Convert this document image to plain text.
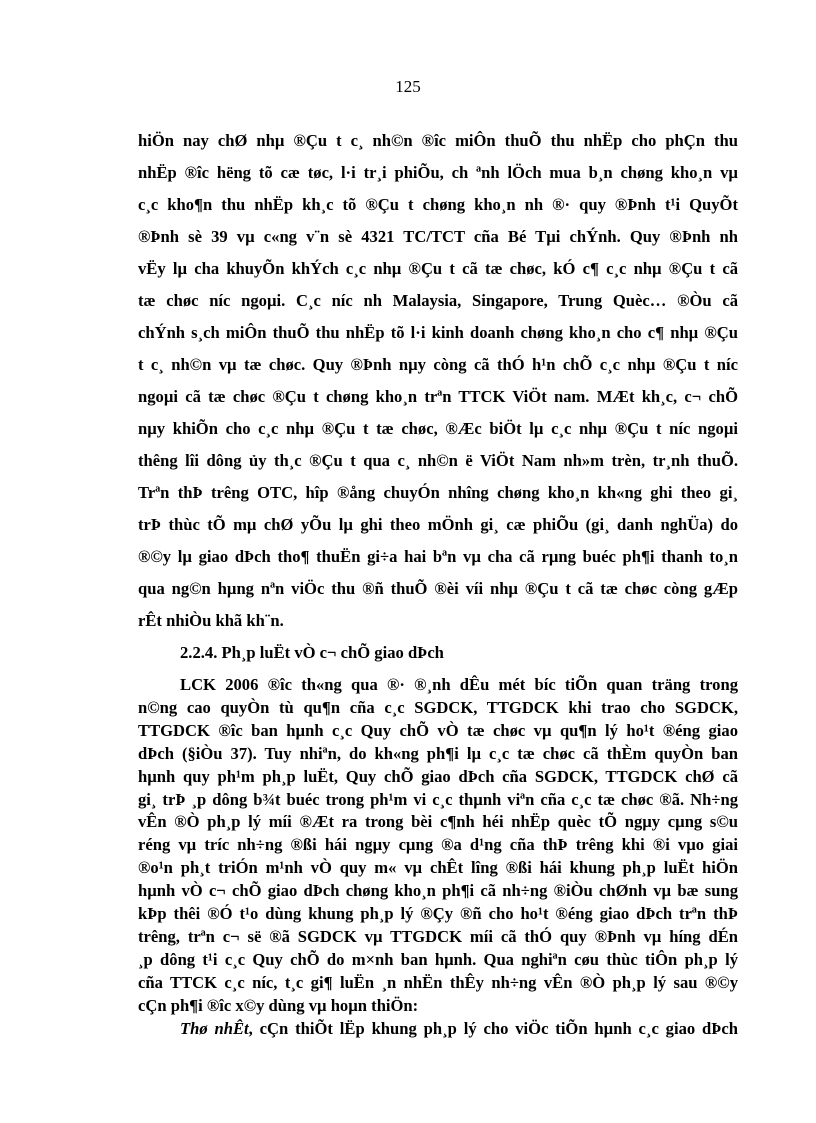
125
hiÖn nay chØ nhµ ®Çu t c¸ nh©n ®îc miÔn thuÕ thu nhËp cho phÇn thu
nhËp ®îc hëng tõ cæ tøc, l·i tr¸i phiÕu, ch ªnh lÖch mua b¸n chøng kho¸n vµ
c¸c kho¶n thu nhËp kh¸c tõ ®Çu t chøng kho¸n nh ®· quy ®Þnh t¹i QuyÕt
®Þnh sè 39 vµ c«ng v¨n sè 4321 TC/TCT cña Bé Tµi chÝnh. Quy ®Þnh nh
vËy lµ cha khuyÕn khÝch c¸c nhµ ®Çu t cã tæ chøc, kÓ c¶ c¸c nhµ ®Çu t cã
tæ chøc níc ngoµi. C¸c níc nh Malaysia, Singapore, Trung Quèc… ®Òu cã
chÝnh s¸ch miÔn thuÕ thu nhËp tõ l·i kinh doanh chøng kho¸n cho c¶ nhµ ®Çu
t c¸ nh©n vµ tæ chøc. Quy ®Þnh nµy còng cã thÓ h¹n chÕ c¸c nhµ ®Çu t níc
ngoµi cã tæ chøc ®Çu t chøng kho¸n trªn TTCK ViÖt nam. MÆt kh¸c, c¬ chÕ
nµy khiÕn cho c¸c nhµ ®Çu t tæ chøc, ®Æc biÖt lµ c¸c nhµ ®Çu t níc ngoµi
thêng lîi dông ủy th¸c ®Çu t qua c¸ nh©n ë ViÖt Nam nh»m trèn, tr¸nh thuÕ.
Trªn thÞ trêng OTC, hîp ®ång chuyÓn nhîng chøng kho¸n kh«ng ghi theo gi¸
trÞ thùc tÕ mµ chØ yÕu lµ ghi theo mÖnh gi¸ cæ phiÕu (gi¸ danh nghÜa) do
®©y lµ giao dÞch tho¶ thuËn gi÷a hai bªn vµ cha cã rµng buéc ph¶i thanh to¸n
qua ng©n hµng nªn viÖc thu ®ñ thuÕ ®èi víi nhµ ®Çu t cã tæ chøc còng gÆp
rÊt nhiÒu khã kh¨n.
2.2.4. Ph¸p luËt vÒ c¬ chÕ giao dÞch
LCK 2006 ®îc th«ng qua ®· ®¸nh dÊu mét bíc tiÕn quan träng trong
n©ng cao quyÒn tù qu¶n cña c¸c SGDCK, TTGDCK khi trao cho SGDCK,
TTGDCK ®îc ban hµnh c¸c Quy chÕ vÒ tæ chøc vµ qu¶n lý ho¹t ®éng giao
dÞch (§iÒu 37). Tuy nhiªn, do kh«ng ph¶i lµ c¸c tæ chøc cã thÈm quyÒn ban
hµnh quy ph¹m ph¸p luËt, Quy chÕ giao dÞch cña SGDCK, TTGDCK chØ cã
gi¸ trÞ ¸p dông b¾t buéc trong ph¹m vi c¸c thµnh viªn cña c¸c tæ chøc ®ã. Nh÷ng
vÊn ®Ò ph¸p lý míi ®Æt ra trong bèi c¶nh héi nhËp quèc tÕ ngµy cµng s©u
réng vµ tríc nh÷ng ®ßi hái ngµy cµng ®a d¹ng cña thÞ trêng khi ®i vµo giai
®o¹n ph¸t triÓn m¹nh vÒ quy m« vµ chÊt lîng ®ßi hái khung ph¸p luËt hiÖn
hµnh vÒ c¬ chÕ giao dÞch chøng kho¸n ph¶i cã nh÷ng ®iÒu chØnh vµ bæ sung
kÞp thêi ®Ó t¹o dùng khung ph¸p lý ®Çy ®ñ cho ho¹t ®éng giao dÞch trªn thÞ
trêng, trªn c¬ së ®ã SGDCK vµ TTGDCK míi cã thÓ quy ®Þnh vµ híng dÉn
¸p dông t¹i c¸c Quy chÕ do m×nh ban hµnh. Qua nghiªn cøu thùc tiÔn ph¸p lý
cña TTCK c¸c níc, t¸c gi¶ luËn ¸n nhËn thÊy nh÷ng vÊn ®Ò ph¸p lý sau ®©y
cÇn ph¶i ®îc x©y dùng vµ hoµn thiÖn:
Thø nhÊt, cÇn thiÕt lËp khung ph¸p lý cho viÖc tiÕn hµnh c¸c giao dÞch
